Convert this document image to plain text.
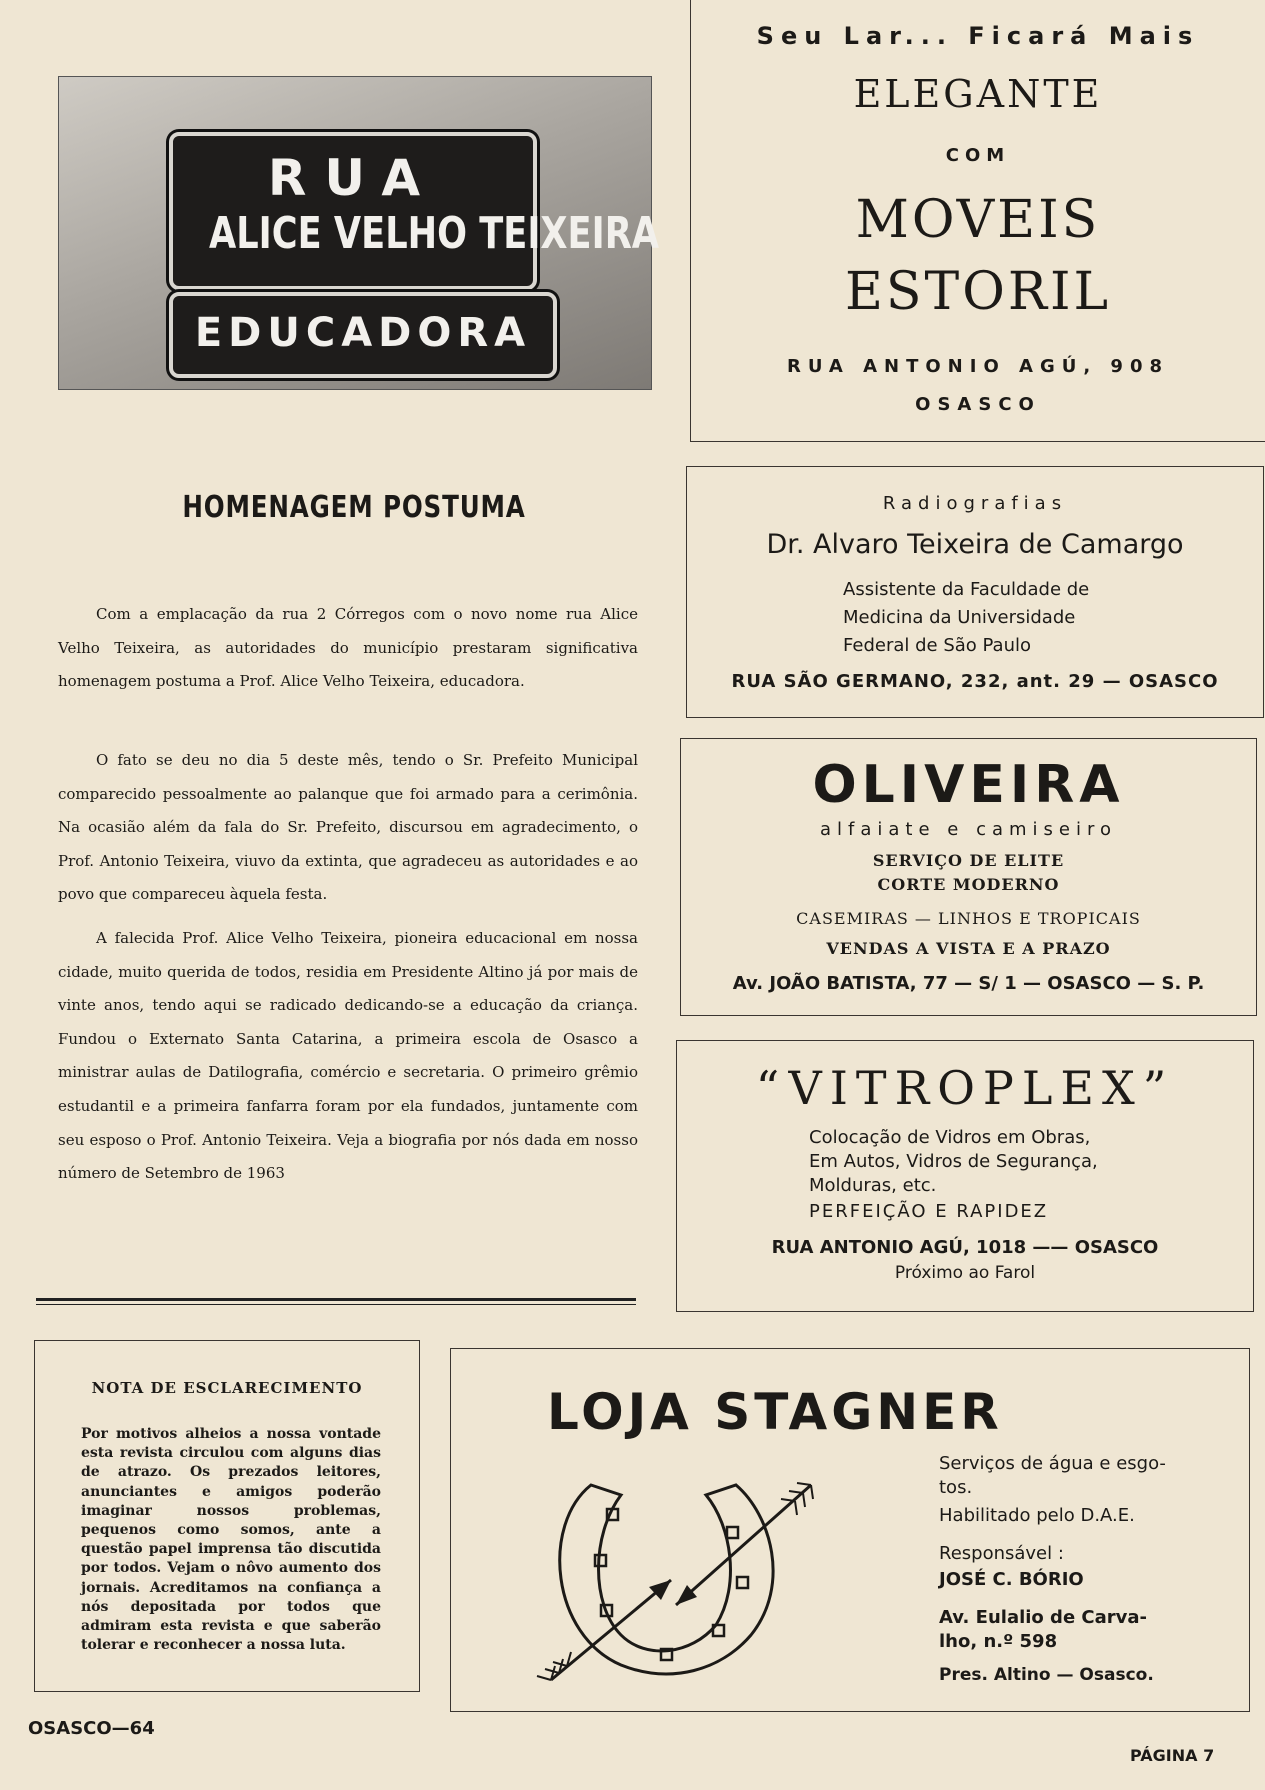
RUA
ALICE VELHO TEIXEIRA
EDUCADORA
HOMENAGEM POSTUMA

Com a emplacação da rua 2 Córregos com o novo nome rua Alice Velho Teixeira, as autoridades do município prestaram significativa homenagem postuma a Prof. Alice Velho Teixeira, educadora.

O fato se deu no dia 5 deste mês, tendo o Sr. Prefeito Municipal comparecido pessoalmente ao palanque que foi armado para a cerimônia. Na ocasião além da fala do Sr. Prefeito, discursou em agradecimento, o Prof. Antonio Teixeira, viuvo da extinta, que agradeceu as autoridades e ao povo que compareceu àquela festa.

A falecida Prof. Alice Velho Teixeira, pioneira educacional em nossa cidade, muito querida de todos, residia em Presidente Altino já por mais de vinte anos, tendo aqui se radicado dedicando-se a educação da criança. Fundou o Externato Santa Catarina, a primeira escola de Osasco a ministrar aulas de Datilografia, comércio e secretaria. O primeiro grêmio estudantil e a primeira fanfarra foram por ela fundados, juntamente com seu esposo o Prof. Antonio Teixeira. Veja a biografia por nós dada em nosso número de Setembro de 1963

NOTA DE ESCLARECIMENTO

Por motivos alheios a nossa vontade esta revista circulou com alguns dias de atrazo. Os prezados leitores, anunciantes e amigos poderão imaginar nossos problemas, pequenos como somos, ante a questão papel imprensa tão discutida por todos. Vejam o nôvo aumento dos jornais. Acreditamos na confiança a nós depositada por todos que admiram esta revista e que saberão tolerar e reconhecer a nossa luta.

OSASCO—64
PÁGINA 7
Seu Lar... Ficará Mais
ELEGANTE
COM
MOVEIS
ESTORIL
RUA ANTONIO AGÚ, 908
OSASCO
Radiografias
Dr. Alvaro Teixeira de Camargo
Assistente da Faculdade de
Medicina da Universidade
Federal de São Paulo
RUA SÃO GERMANO, 232, ant. 29 — OSASCO
OLIVEIRA
alfaiate e camiseiro
SERVIÇO DE ELITE
CORTE MODERNO
CASEMIRAS — LINHOS E TROPICAIS
VENDAS A VISTA E A PRAZO
Av. JOÃO BATISTA, 77 — S/ 1 — OSASCO — S. P.
“VITROPLEX”
Colocação de Vidros em Obras,
Em Autos, Vidros de Segurança,
Molduras, etc.
PERFEIÇÃO E RAPIDEZ
RUA ANTONIO AGÚ, 1018 —— OSASCO
Próximo ao Farol
LOJA STAGNER
Serviços de água e esgo-
tos.
Habilitado pelo D.A.E.
Responsável :
JOSÉ C. BÓRIO
Av. Eulalio de Carva-
lho, n.º 598
Pres. Altino — Osasco.
